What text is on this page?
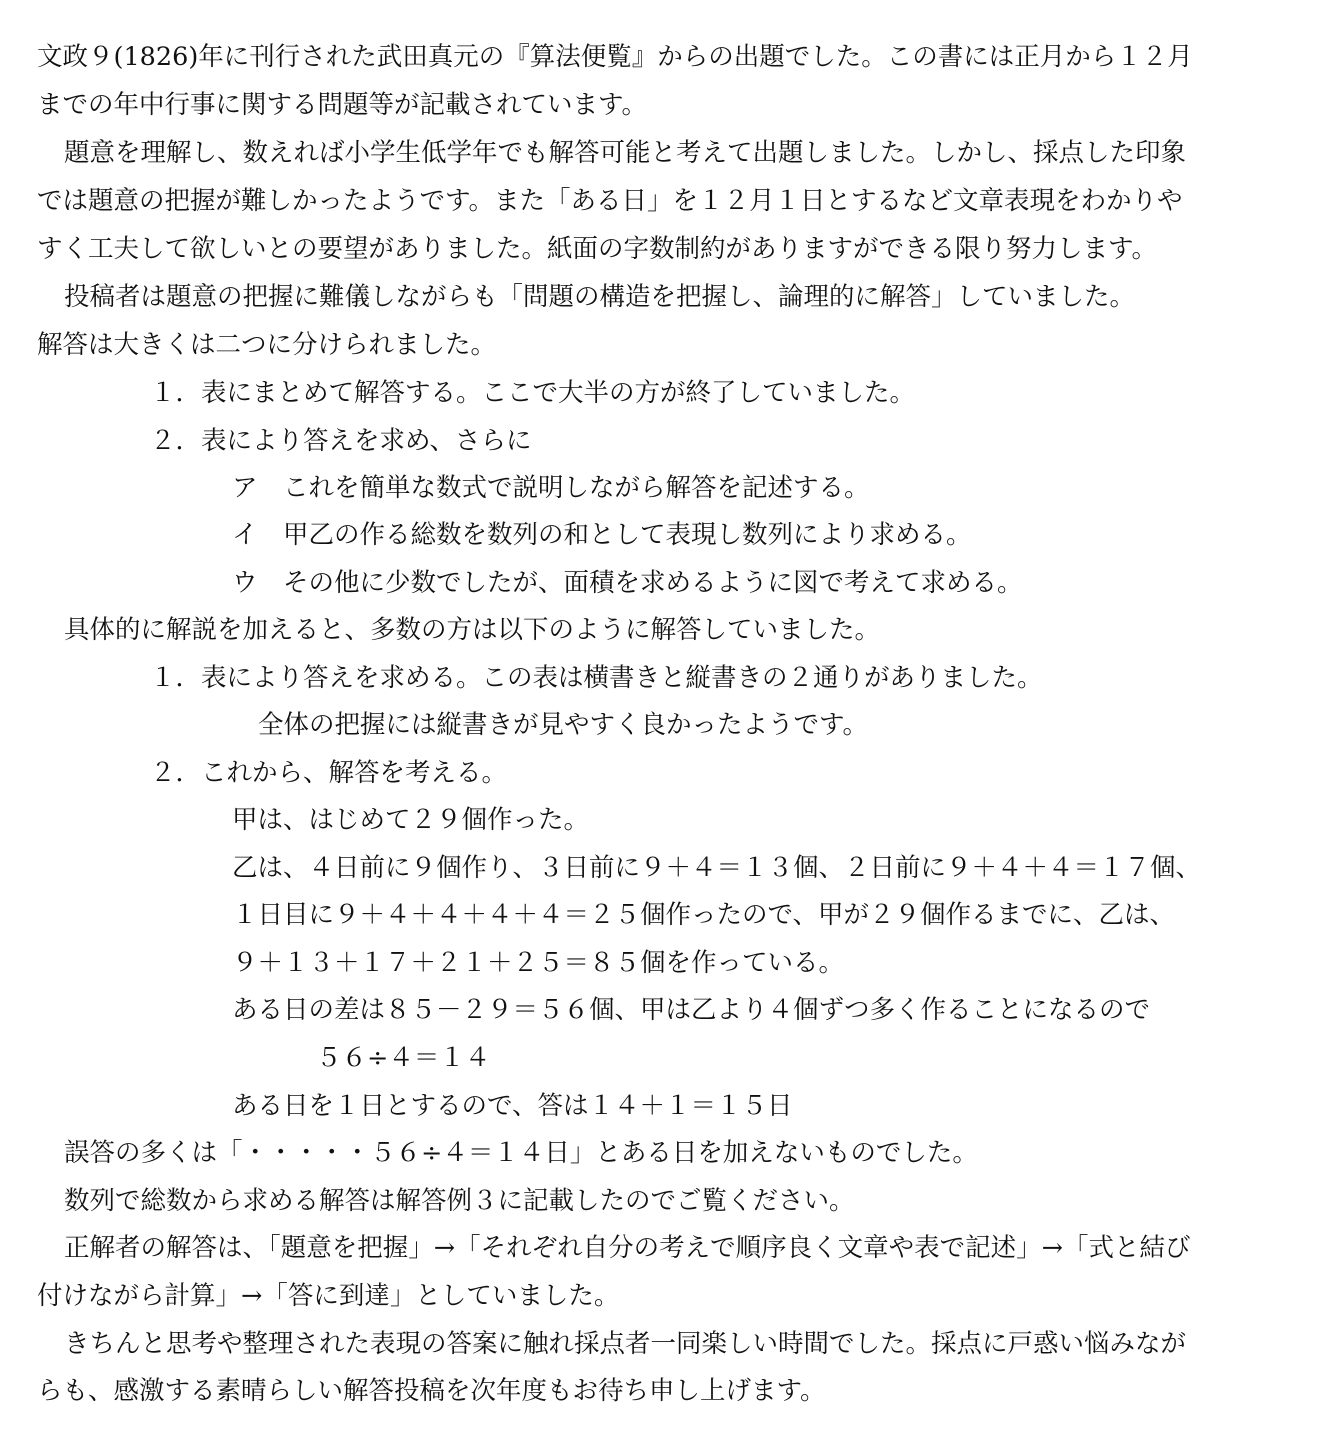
文政９(1826)年に刊行された武田真元の『算法便覧』からの出題でした。この書には正月から１２月
までの年中行事に関する問題等が記載されています。
題意を理解し、数えれば小学生低学年でも解答可能と考えて出題しました。しかし、採点した印象
では題意の把握が難しかったようです。また「ある日」を１２月１日とするなど文章表現をわかりや
すく工夫して欲しいとの要望がありました。紙面の字数制約がありますができる限り努力します。
投稿者は題意の把握に難儀しながらも「問題の構造を把握し、論理的に解答」していました。
解答は大きくは二つに分けられました。
１．表にまとめて解答する。ここで大半の方が終了していました。
２．表により答えを求め、さらに
ア　これを簡単な数式で説明しながら解答を記述する。
イ　甲乙の作る総数を数列の和として表現し数列により求める。
ウ　その他に少数でしたが、面積を求めるように図で考えて求める。
具体的に解説を加えると、多数の方は以下のように解答していました。
１．表により答えを求める。この表は横書きと縦書きの２通りがありました。
全体の把握には縦書きが見やすく良かったようです。
２．これから、解答を考える。
甲は、はじめて２９個作った。
乙は、４日前に９個作り、３日前に９＋４＝１３個、２日前に９＋４＋４＝１７個、
１日目に９＋４＋４＋４＋４＝２５個作ったので、甲が２９個作るまでに、乙は、
９＋１３＋１７＋２１＋２５＝８５個を作っている。
ある日の差は８５－２９＝５６個、甲は乙より４個ずつ多く作ることになるので
５６÷４＝１４
ある日を１日とするので、答は１４＋１＝１５日
誤答の多くは「・・・・・５６÷４＝１４日」とある日を加えないものでした。
数列で総数から求める解答は解答例３に記載したのでご覧ください。
正解者の解答は、「題意を把握」→「それぞれ自分の考えで順序良く文章や表で記述」→「式と結び
付けながら計算」→「答に到達」としていました。
きちんと思考や整理された表現の答案に触れ採点者一同楽しい時間でした。採点に戸惑い悩みなが
らも、感激する素晴らしい解答投稿を次年度もお待ち申し上げます。
